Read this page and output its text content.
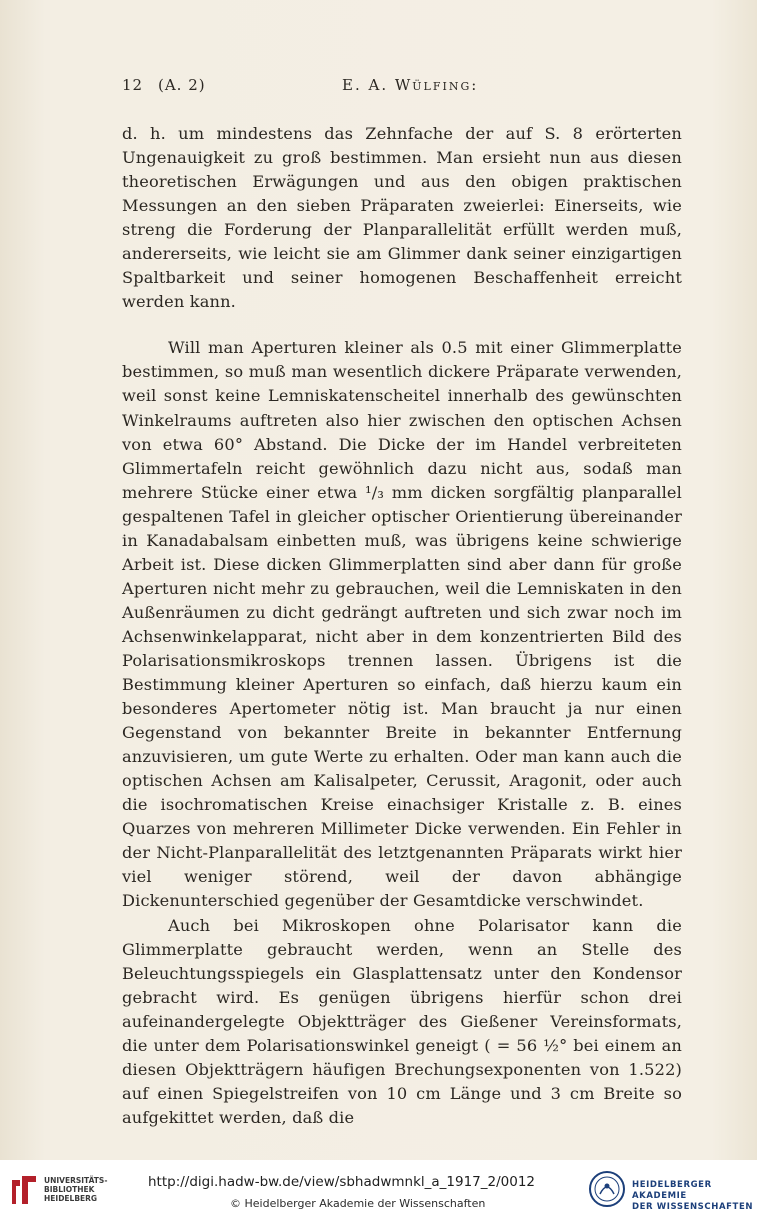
12 (A. 2)	E. A. Wülfing:

d. h. um mindestens das Zehnfache der auf S. 8 erörterten Ungenauigkeit zu groß bestimmen. Man ersieht nun aus diesen theoretischen Erwägungen und aus den obigen praktischen Messungen an den sieben Präparaten zweierlei: Einerseits, wie streng die Forderung der Planparallelität erfüllt werden muß, andererseits, wie leicht sie am Glimmer dank seiner einzigartigen Spaltbarkeit und seiner homogenen Beschaffenheit erreicht werden kann.

Will man Aperturen kleiner als 0.5 mit einer Glimmerplatte bestimmen, so muß man wesentlich dickere Präparate verwenden, weil sonst keine Lemniskatenscheitel innerhalb des gewünschten Winkelraums auftreten also hier zwischen den optischen Achsen von etwa 60° Abstand. Die Dicke der im Handel verbreiteten Glimmertafeln reicht gewöhnlich dazu nicht aus, sodaß man mehrere Stücke einer etwa ¹/₃ mm dicken sorgfältig planparallel gespaltenen Tafel in gleicher optischer Orientierung übereinander in Kanadabalsam einbetten muß, was übrigens keine schwierige Arbeit ist. Diese dicken Glimmerplatten sind aber dann für große Aperturen nicht mehr zu gebrauchen, weil die Lemniskaten in den Außenräumen zu dicht gedrängt auftreten und sich zwar noch im Achsenwinkelapparat, nicht aber in dem konzentrierten Bild des Polarisationsmikroskops trennen lassen. Übrigens ist die Bestimmung kleiner Aperturen so einfach, daß hierzu kaum ein besonderes Apertometer nötig ist. Man braucht ja nur einen Gegenstand von bekannter Breite in bekannter Entfernung anzuvisieren, um gute Werte zu erhalten. Oder man kann auch die optischen Achsen am Kalisalpeter, Cerussit, Aragonit, oder auch die isochromatischen Kreise einachsiger Kristalle z. B. eines Quarzes von mehreren Millimeter Dicke verwenden. Ein Fehler in der Nicht-Planparallelität des letztgenannten Präparats wirkt hier viel weniger störend, weil der davon abhängige Dickenunterschied gegenüber der Gesamtdicke verschwindet.

Auch bei Mikroskopen ohne Polarisator kann die Glimmerplatte gebraucht werden, wenn an Stelle des Beleuchtungsspiegels ein Glasplattensatz unter den Kondensor gebracht wird. Es genügen übrigens hierfür schon drei aufeinandergelegte Objektträger des Gießener Vereinsformats, die unter dem Polarisationswinkel geneigt ( = 56 ½° bei einem an diesen Objektträgern häufigen Brechungsexponenten von 1.522) auf einen Spiegelstreifen von 10 cm Länge und 3 cm Breite so aufgekittet werden, daß die

UNIVERSITÄTS-
BIBLIOTHEK
HEIDELBERG
http://digi.hadw-bw.de/view/sbhadwmnkl_a_1917_2/0012
© Heidelberger Akademie der Wissenschaften
HEIDELBERGER AKADEMIE
DER WISSENSCHAFTEN
